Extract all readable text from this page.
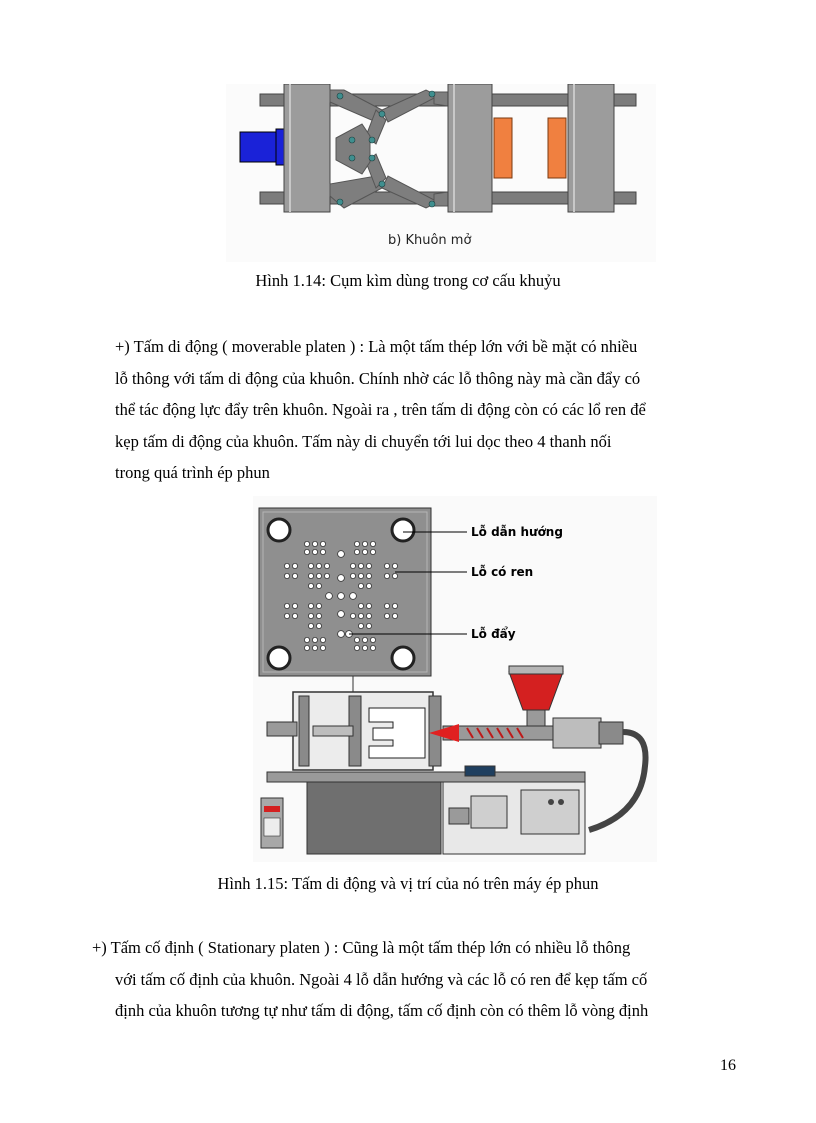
b) Khuôn mở
Hình 1.14: Cụm kìm dùng trong cơ cấu khuỷu
+) Tấm di động ( moverable platen ) : Là một tấm thép lớn với bề mặt có nhiều
lỗ thông với tấm di động của khuôn. Chính nhờ các lỗ thông này mà cần đẩy có
thể tác động lực đẩy trên khuôn. Ngoài ra , trên tấm di động còn có các lổ ren để
kẹp tấm di động của khuôn. Tấm này di chuyển tới lui dọc theo 4 thanh nối
trong quá trình ép phun
Lỗ dẫn hướng
Lỗ có ren
Lỗ đẩy
Hình 1.15: Tấm di động và vị trí của nó trên máy ép phun
+) Tấm cố định ( Stationary platen ) : Cũng là một tấm thép lớn có nhiều lỗ thông
với tấm cố định của khuôn. Ngoài 4 lỗ dẫn hướng và các lỗ có ren để kẹp tấm cố
định của khuôn tương tự như tấm di động, tấm cố định còn có thêm lỗ vòng định
16
